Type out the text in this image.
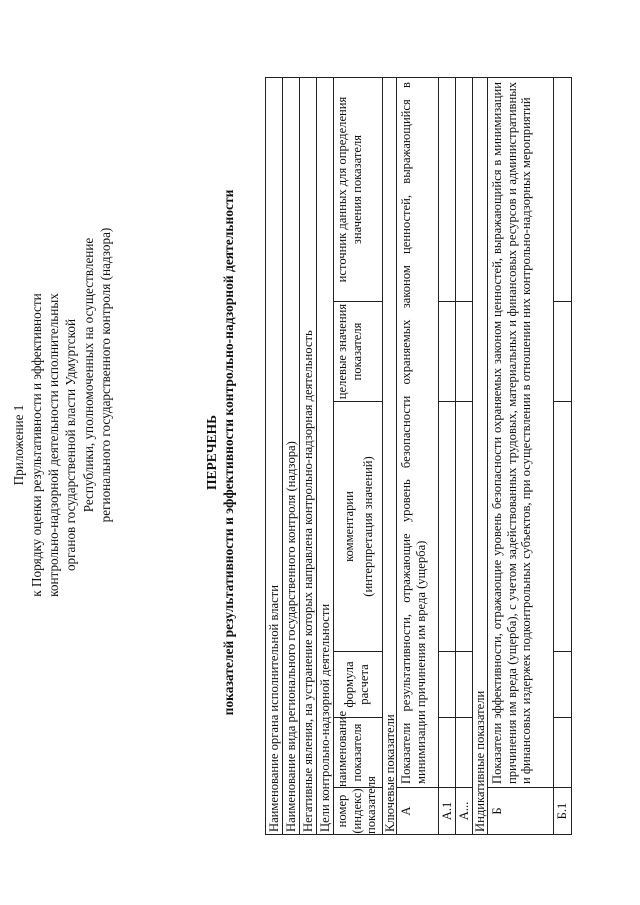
Приложение 1 к Порядку оценки результативности и эффективности контрольно-надзорной деятельности исполнительных органов государственной власти Удмуртской Республики, уполномоченных на осуществление регионального государственного контроля (надзора)	ПЕРЕЧЕНЬ показателей результативности и эффективности контрольно-надзорной деятельности Наименование органа исполнительной власти Наименование вида регионального государственного контроля (надзора) Негативные явления, на устранение которых направлена контрольно-надзорная деятельность Цели контрольно-надзорной деятельности номер (индекс) показателя
наименование показателя
формула расчета
комментарии (интерпретация значений)
целевые значения показателя
источник данных для определения значения показателя
Ключевые показатели А
Показатели результативности, отражающие уровень безопасности охраняемых законом ценностей, выражающийся в минимизации причинения им вреда (ущерба)
А.1 А... Индикативные показатели Б
Показатели эффективности, отражающие уровень безопасности охраняемых законом ценностей, выражающийся в минимизации причинения им вреда (ущерба), с учетом задействованных трудовых, материальных и финансовых ресурсов и административных и финансовых издержек подконтрольных субъектов, при осуществлении в отношении них контрольно-надзорных мероприятий
Б.1
